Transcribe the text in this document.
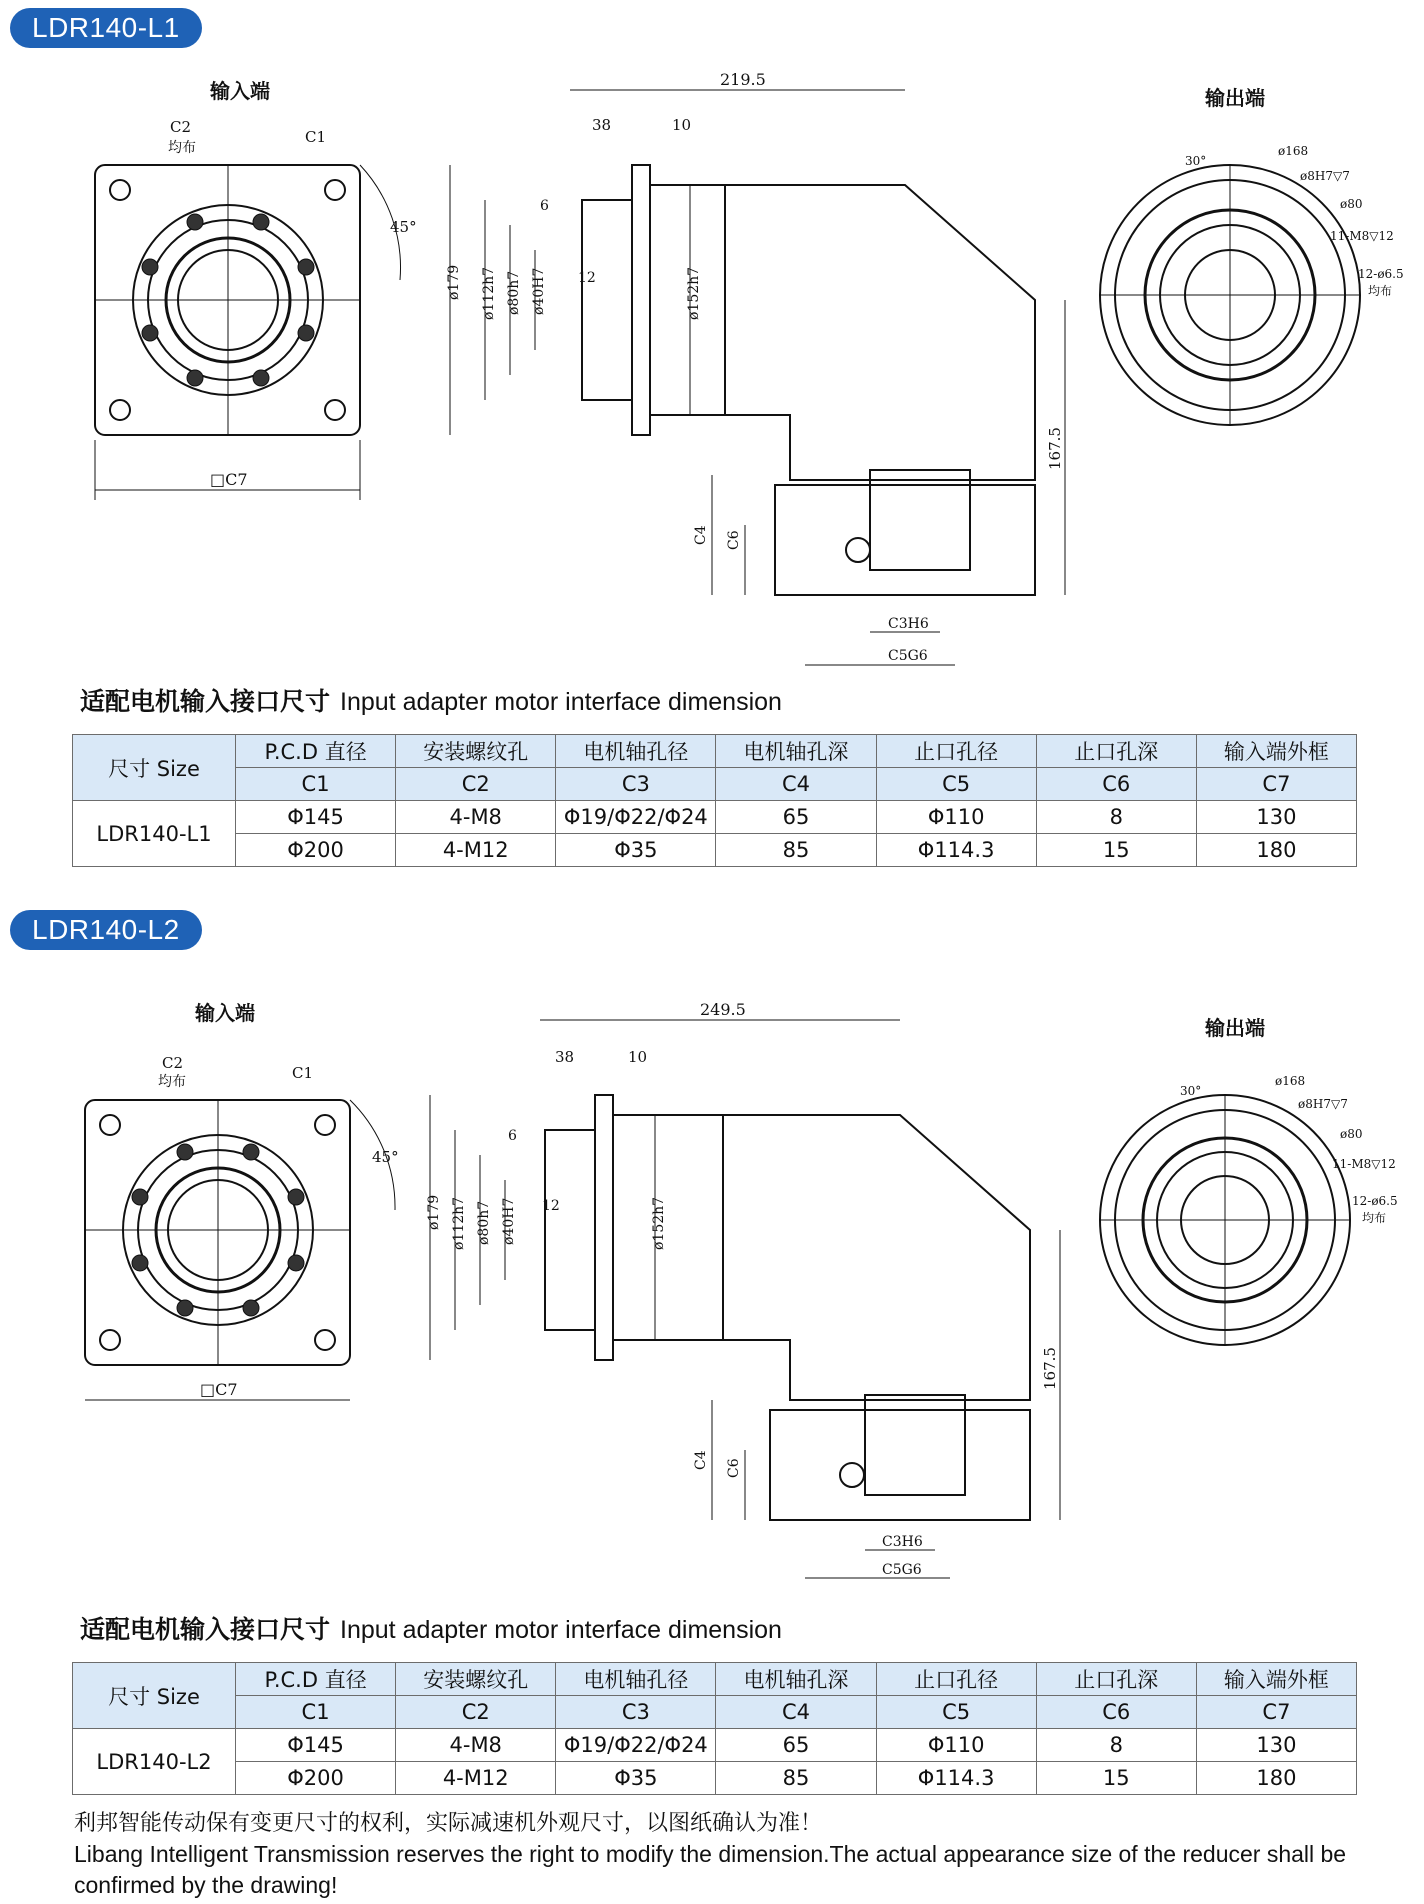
LDR140-L1
输入端
□C7
C2
均布
C1
45°
219.5
38	10
6
12
ø179 ø112h7 ø80h7 ø40H7	ø152h7
167.5
C4 C6
C3H6
C5G6
输出端
30°
ø168
ø8H7▽7
ø80
11-M8▽12
12-ø6.5
均布
适配电机输入接口尺寸 Input adapter motor interface dimension
尺寸 Size	P.C.D 直径	安装螺纹孔	电机轴孔径	电机轴孔深	止口孔径	止口孔深	输入端外框
	C1	C2	C3	C4	C5	C6	C7
LDR140-L1	Φ145	4-M8	Φ19/Φ22/Φ24	65	Φ110	8	130
	Φ200	4-M12	Φ35	85	Φ114.3	15	180
LDR140-L2
输入端
□C7
C2
均布	C1
45°
249.5
38	10
6
12
ø179 ø112h7 ø80h7 ø40H7	ø152h7
167.5
C4 C6
C3H6
C5G6
输出端
30°
ø168
ø8H7▽7
ø80
11-M8▽12
12-ø6.5
均布
适配电机输入接口尺寸 Input adapter motor interface dimension
尺寸 Size	P.C.D 直径	安装螺纹孔	电机轴孔径	电机轴孔深	止口孔径	止口孔深	输入端外框
	C1	C2	C3	C4	C5	C6	C7
LDR140-L2	Φ145	4-M8	Φ19/Φ22/Φ24	65	Φ110	8	130
	Φ200	4-M12	Φ35	85	Φ114.3	15	180
利邦智能传动保有变更尺寸的权利，实际减速机外观尺寸，以图纸确认为准！
Libang Intelligent Transmission reserves the right to modify the dimension.The actual appearance size of the reducer shall be confirmed by the drawing!
